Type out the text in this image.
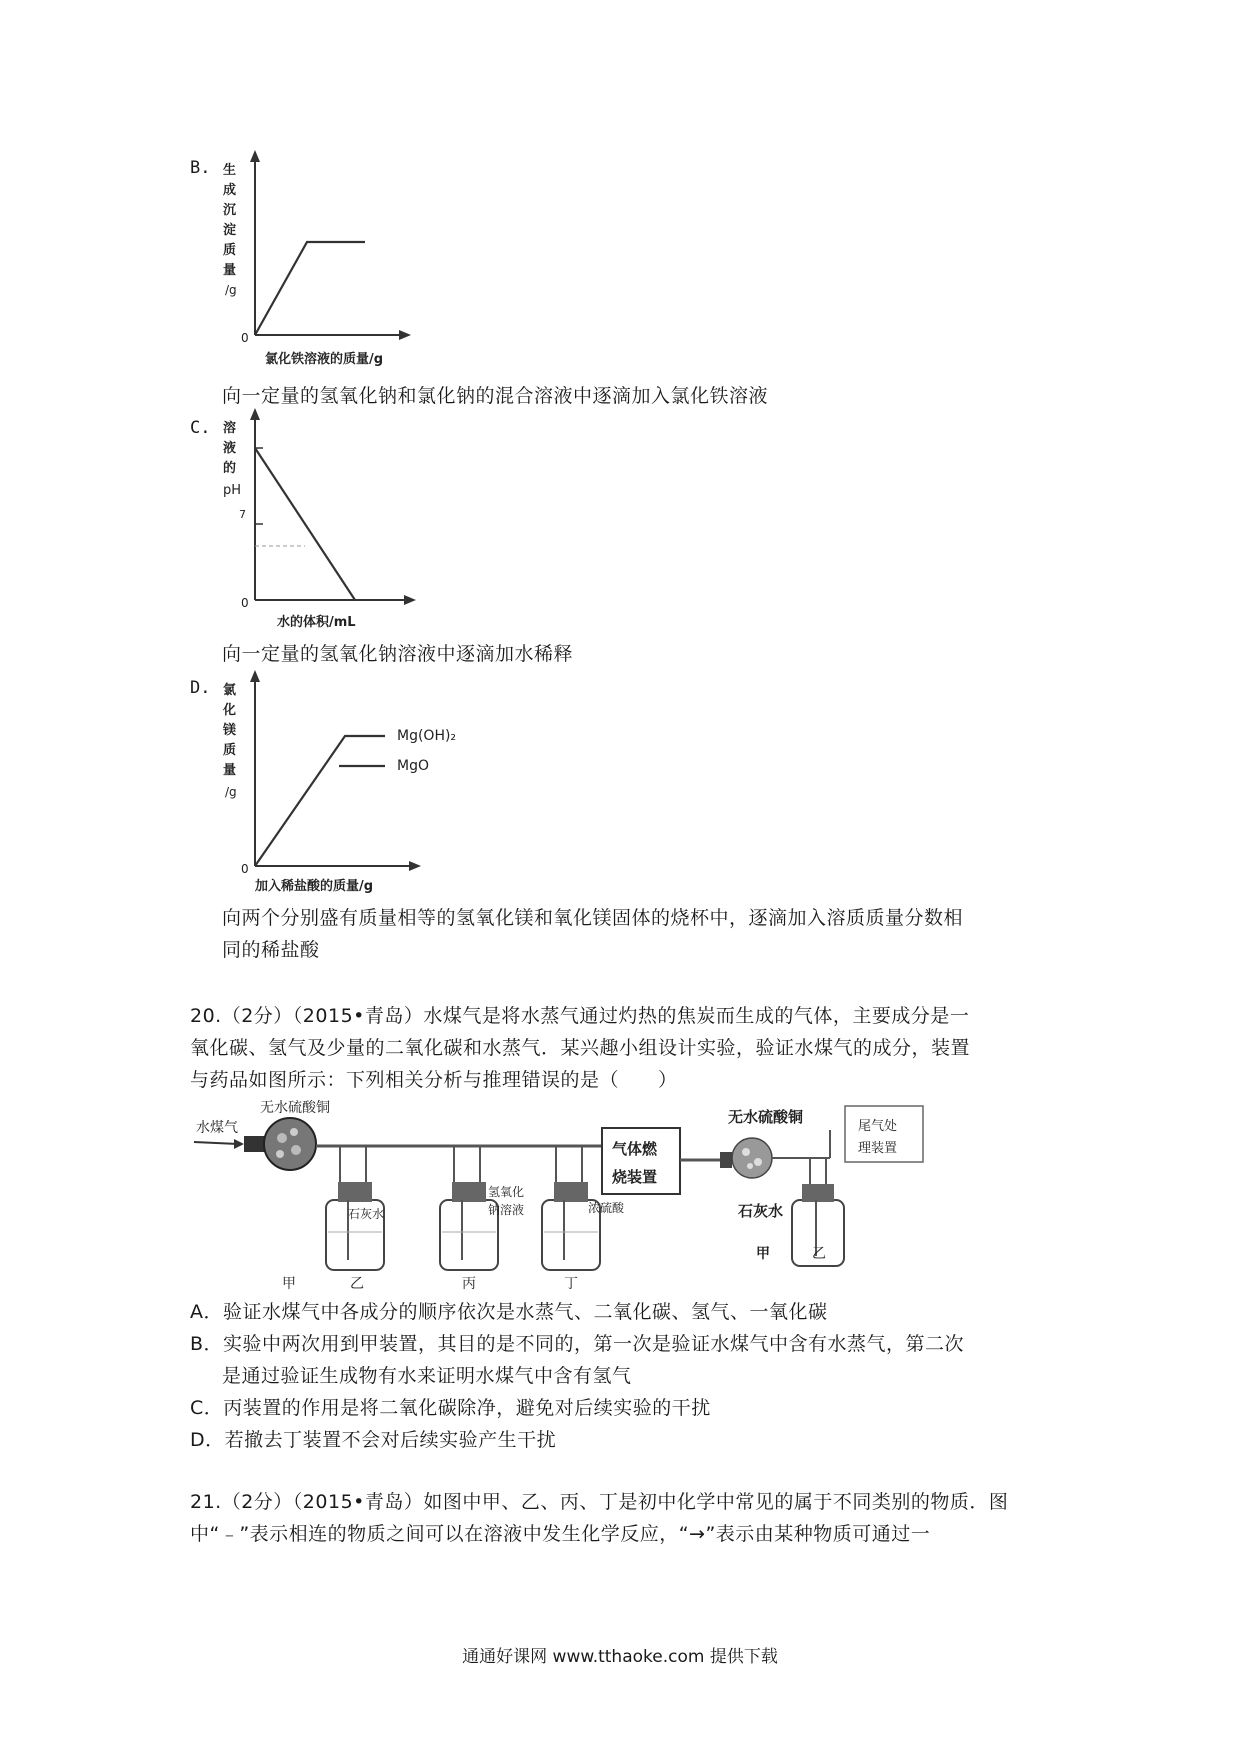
B. 生
成
沉
淀
质
量
/g
0
氯化铁溶液的质量/g
向一定量的氢氧化钠和氯化钠的混合溶液中逐滴加入氯化铁溶液
C. 溶
液
的
pH
7
0
水的体积/mL
向一定量的氢氧化钠溶液中逐滴加水稀释
D. 氯
化
镁
质
量
/g
0
Mg(OH)₂
MgO
加入稀盐酸的质量/g
向两个分别盛有质量相等的氢氧化镁和氧化镁固体的烧杯中，逐滴加入溶质质量分数相
同的稀盐酸
20.（2分）（2015•青岛）水煤气是将水蒸气通过灼热的焦炭而生成的气体，主要成分是一
氧化碳、氢气及少量的二氧化碳和水蒸气．某兴趣小组设计实验，验证水煤气的成分，装置
与药品如图所示：下列相关分析与推理错误的是（　　）
水煤气
无水硫酸铜
石灰水
氢氧化
钠溶液	浓硫酸
气体燃
烧装置
无水硫酸铜
尾气处
理装置
石灰水
甲	乙	丙	丁
甲	乙
A．验证水煤气中各成分的顺序依次是水蒸气、二氧化碳、氢气、一氧化碳
B．实验中两次用到甲装置，其目的是不同的，第一次是验证水煤气中含有水蒸气，第二次
是通过验证生成物有水来证明水煤气中含有氢气
C．丙装置的作用是将二氧化碳除净，避免对后续实验的干扰
D．若撤去丁装置不会对后续实验产生干扰
21.（2分）（2015•青岛）如图中甲、乙、丙、丁是初中化学中常见的属于不同类别的物质．图
中“﹣”表示相连的物质之间可以在溶液中发生化学反应，“→”表示由某种物质可通过一
通通好课网 www.tthaoke.com 提供下载
